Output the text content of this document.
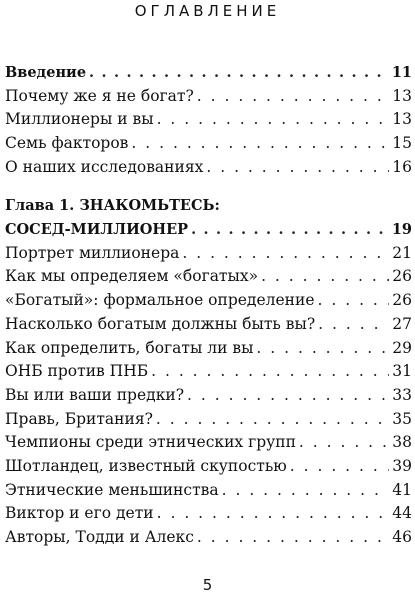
ОГЛАВЛЕНИЕ
Введение . . .	11
Почему же я не богат? . . .	13
Миллионеры и вы . . .	13
Семь факторов . . .	15
О наших исследованиях . . .	16
Глава 1. ЗНАКОМЬТЕСЬ:
СОСЕД-МИЛЛИОНЕР . . .	19
Портрет миллионера . . .	21
Как мы определяем «богатых» . . .	26
«Богатый»: формальное определение . . .	26
Насколько богатым должны быть вы? . . .	27
Как определить, богаты ли вы . . .	29
ОНБ против ПНБ . . .	31
Вы или ваши предки? . . .	33
Правь, Британия? . . .	35
Чемпионы среди этнических групп . . .	38
Шотландец, известный скупостью . . .	39
Этнические меньшинства . . .	41
Виктор и его дети . . .	44
Авторы, Тодди и Алекс . . .	46
5
